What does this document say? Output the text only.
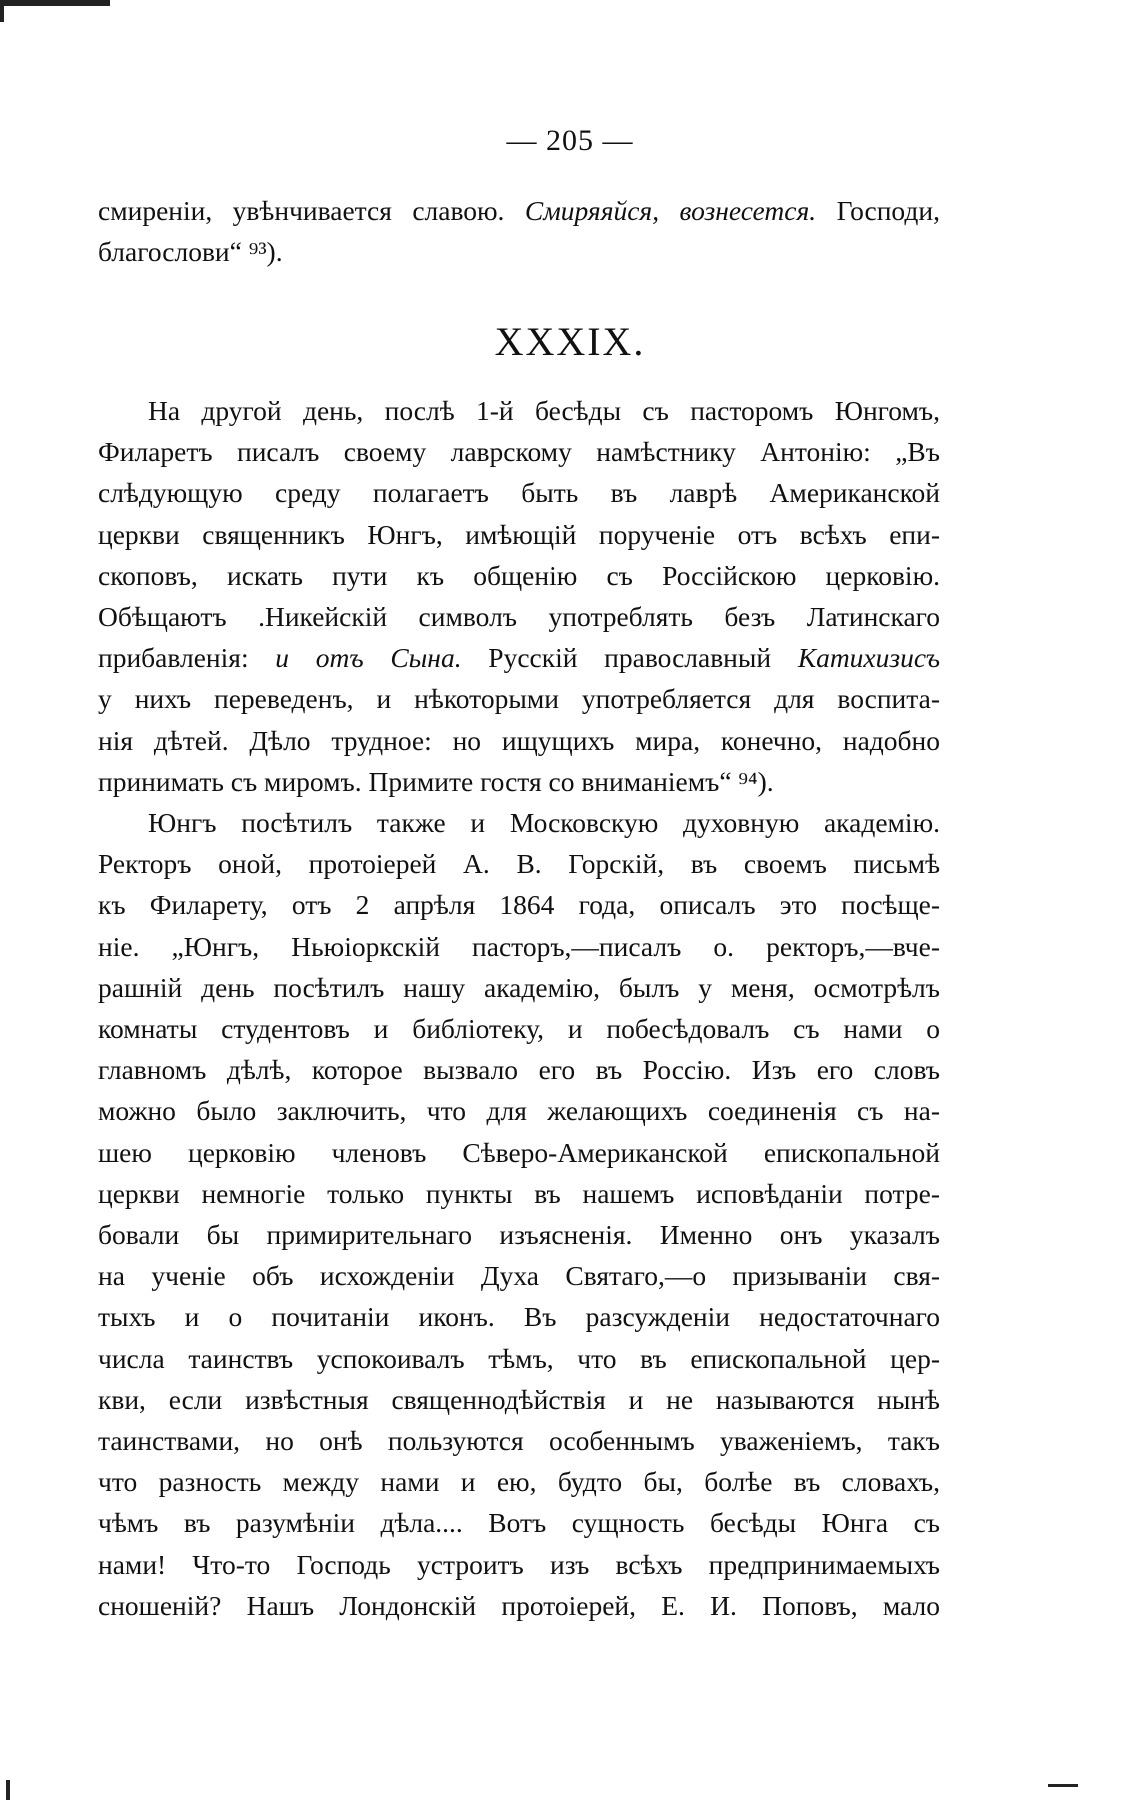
— 205 —
смиреніи, увѣнчивается славою. Смиряяйся, вознесется. Господи,
благослови“ ⁹³).
XXXIX.
На другой день, послѣ 1-й бесѣды съ пасторомъ Юнгомъ,
Филаретъ писалъ своему лаврскому намѣстнику Антонію: „Въ
слѣдующую среду полагаетъ быть въ лаврѣ Американской
церкви священникъ Юнгъ, имѣющій порученіе отъ всѣхъ епи-
скоповъ, искать пути къ общенію съ Россійскою церковію.
Обѣщаютъ .Никейскій символъ употреблять безъ Латинскаго
прибавленія: и отъ Сына. Русскій православный Катихизисъ
у нихъ переведенъ, и нѣкоторыми употребляется для воспита-
нія дѣтей. Дѣло трудное: но ищущихъ мира, конечно, надобно
принимать съ миромъ. Примите гостя со вниманіемъ“ ⁹⁴).
Юнгъ посѣтилъ также и Московскую духовную академію.
Ректоръ оной, протоіерей А. В. Горскій, въ своемъ письмѣ
къ Филарету, отъ 2 апрѣля 1864 года, описалъ это посѣще-
ніе. „Юнгъ, Ньюіоркскій пасторъ,—писалъ о. ректоръ,—вче-
рашній день посѣтилъ нашу академію, былъ у меня, осмотрѣлъ
комнаты студентовъ и библіотеку, и побесѣдовалъ съ нами о
главномъ дѣлѣ, которое вызвало его въ Россію. Изъ его словъ
можно было заключить, что для желающихъ соединенія съ на-
шею церковію членовъ Сѣверо-Американской епископальной
церкви немногіе только пункты въ нашемъ исповѣданіи потре-
бовали бы примирительнаго изъясненія. Именно онъ указалъ
на ученіе объ исхожденіи Духа Святаго,—о призываніи свя-
тыхъ и о почитаніи иконъ. Въ разсужденіи недостаточнаго
числа таинствъ успокоивалъ тѣмъ, что въ епископальной цер-
кви, если извѣстныя священнодѣйствія и не называются нынѣ
таинствами, но онѣ пользуются особеннымъ уваженіемъ, такъ
что разность между нами и ею, будто бы, болѣе въ словахъ,
чѣмъ въ разумѣніи дѣла.... Вотъ сущность бесѣды Юнга съ
нами! Что-то Господь устроитъ изъ всѣхъ предпринимаемыхъ
сношеній? Нашъ Лондонскій протоіерей, Е. И. Поповъ, мало
